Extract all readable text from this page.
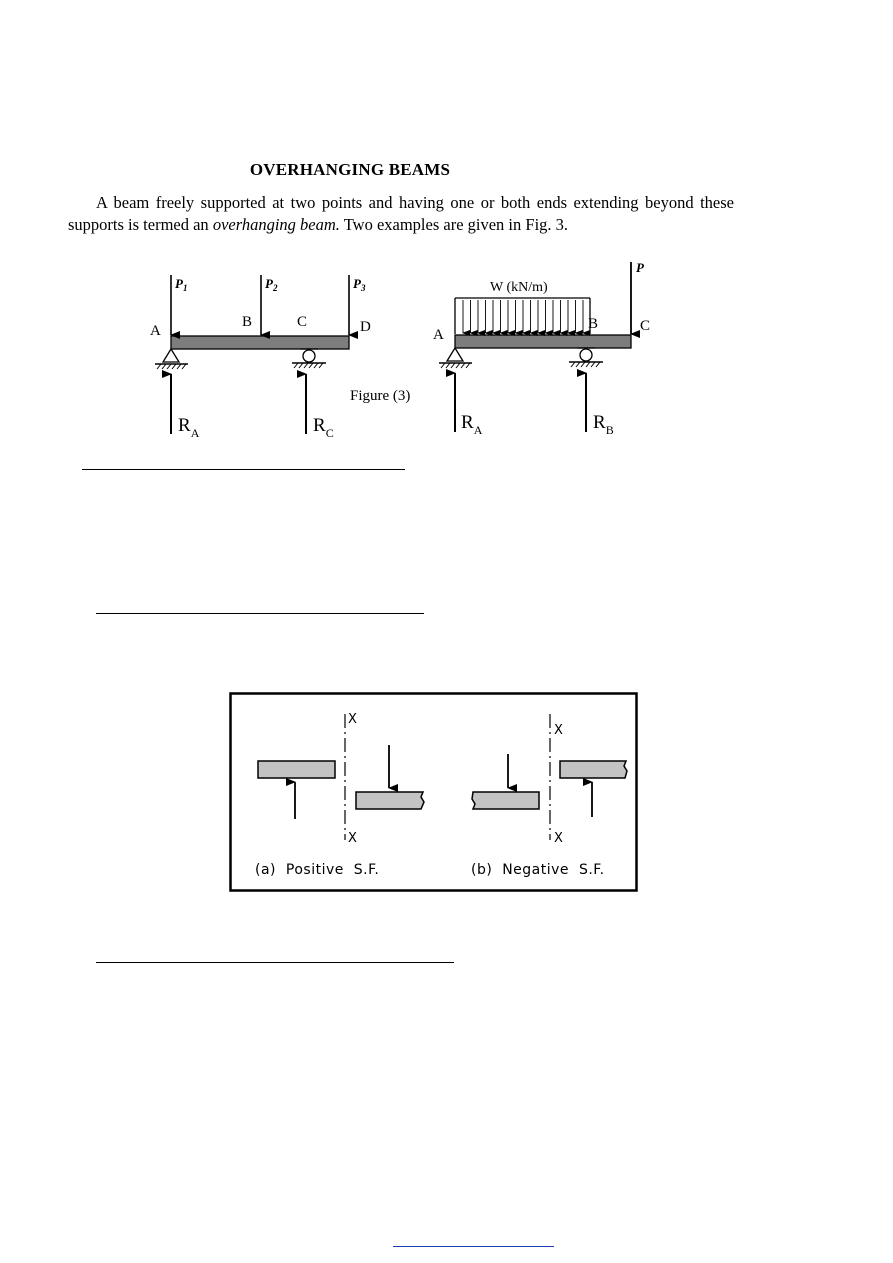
OVERHANGING BEAMS
A beam freely supported at two points and having one or both ends extending beyond these
supports is termed an overhanging beam. Two examples are given in Fig. 3.
$P_1$	$P_2$	$P_3$
A
B	C	D
$R_A$	$R_C$
Figure (3)
W (kN/m)
P
A
B	C
$R_A$	$R_B$
X
X
(a)  Positive  S.F.
X
X
(b)  Negative  S.F.
